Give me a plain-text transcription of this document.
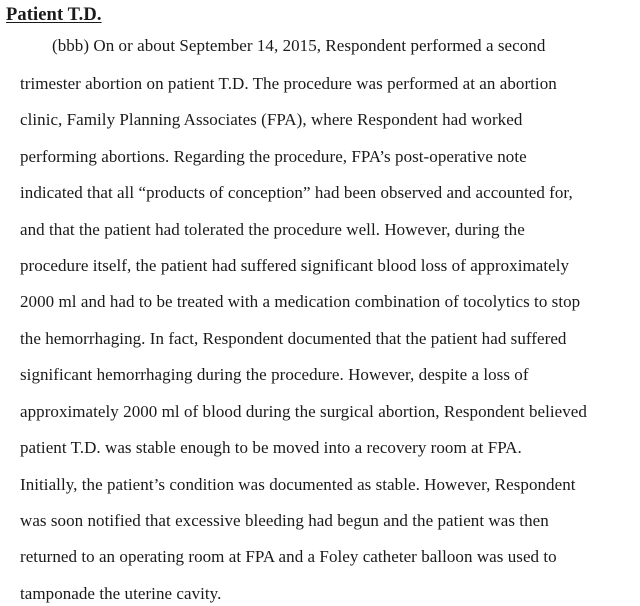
Patient T.D.
(bbb) On or about September 14, 2015, Respondent performed a second
trimester abortion on patient T.D. The procedure was performed at an abortion
clinic, Family Planning Associates (FPA), where Respondent had worked
performing abortions. Regarding the procedure, FPA’s post-operative note
indicated that all “products of conception” had been observed and accounted for,
and that the patient had tolerated the procedure well. However, during the
procedure itself, the patient had suffered significant blood loss of approximately
2000 ml and had to be treated with a medication combination of tocolytics to stop
the hemorrhaging. In fact, Respondent documented that the patient had suffered
significant hemorrhaging during the procedure. However, despite a loss of
approximately 2000 ml of blood during the surgical abortion, Respondent believed
patient T.D. was stable enough to be moved into a recovery room at FPA.
Initially, the patient’s condition was documented as stable. However, Respondent
was soon notified that excessive bleeding had begun and the patient was then
returned to an operating room at FPA and a Foley catheter balloon was used to
tamponade the uterine cavity.
